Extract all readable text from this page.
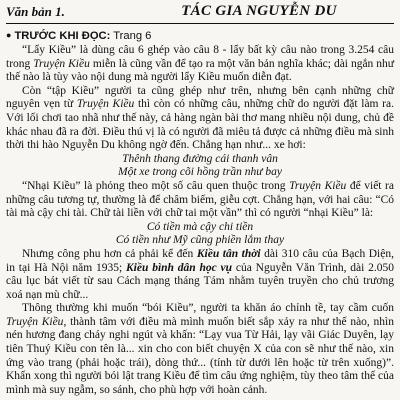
Văn bản 1.	TÁC GIA NGUYỄN DU
● TRƯỚC KHI ĐỌC: Trang 6

“Lẩy Kiều” là dùng câu 6 ghép vào câu 8 - lẩy bất kỳ câu nào trong 3.254 câu trong Truyện Kiều miễn là cũng vần để tạo ra một văn bản nghĩa khác; dài ngắn như thế nào là tùy vào nội dung mà người lẩy Kiều muốn diễn đạt.

Còn “tập Kiều” người ta cũng ghép như trên, nhưng bên cạnh những chữ nguyên vẹn từ Truyện Kiều thì còn có những câu, những chữ do người đặt làm ra. Với lối chơi tao nhã như thế này, cả hàng ngàn bài thơ mang nhiều nội dung, chủ đề khác nhau đã ra đời. Điều thú vị là có người đã miêu tả được cả những điều mà sinh thời thi hào Nguyễn Du không ngờ đến. Chẳng hạn như... xe hơi:

Thênh thang đường cái thanh vân
Một xe trong cõi hồng trần như bay

“Nhại Kiều” là phỏng theo một số câu quen thuộc trong Truyện Kiều để viết ra những câu tương tự, thường là để châm biếm, giễu cợt. Chẳng hạn, với hai câu: “Có tài mà cậy chi tài. Chữ tài liền với chữ tai một vần” thì có người “nhại Kiều” là:

Có tiền mà cậy chi tiền
Có tiền như Mỹ cũng phiền lắm thay

Nhưng công phu hơn cả phải kể đến Kiều tân thời dài 310 câu của Bạch Diện, in tại Hà Nội năm 1935; Kiều bình dân học vụ của Nguyễn Văn Trình, dài 2.050 câu lục bát viết từ sau Cách mạng tháng Tám nhằm tuyên truyền cho chủ trương xoá nạn mù chữ...

Thông thường khi muốn “bói Kiều”, người ta khăn áo chỉnh tề, tay cầm cuốn Truyện Kiều, thành tâm với điều mà mình muốn biết sắp xảy ra như thế nào, nhìn nén hương đang cháy nghi ngút và khấn: “Lạy vua Từ Hải, lạy vãi Giác Duyên, lạy tiên Thuý Kiều con tên là... xin cho con biết chuyện X của con sẽ như thế nào, xin ứng vào trang (phải hoặc trái), dòng thứ... (tính từ dưới lên hoặc từ trên xuống)”. Khấn xong thì người bói lật trang Kiều để tìm câu ứng nghiệm, tùy theo tâm thế của mình mà suy ngẫm, so sánh, cho phù hợp với hoàn cảnh.
